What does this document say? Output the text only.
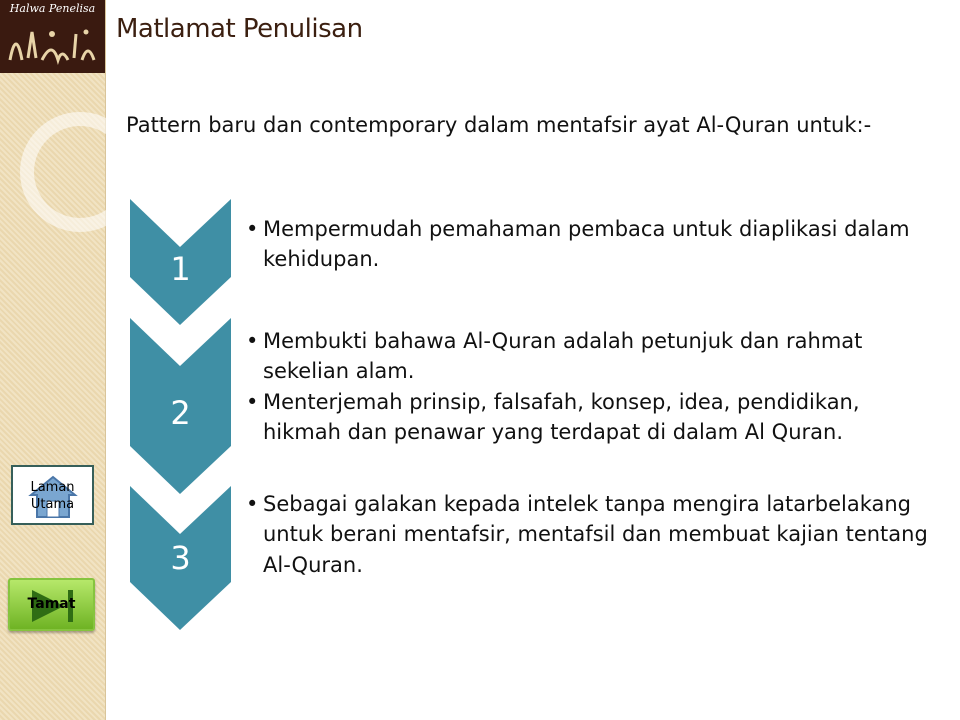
Halwa Penelisa
Matlamat Penulisan
Pattern baru dan contemporary dalam mentafsir ayat Al-Quran untuk:-
1
• Mempermudah pemahaman pembaca untuk diaplikasi dalam kehidupan.
2
• Membukti bahawa Al-Quran adalah petunjuk dan rahmat sekelian alam.
• Menterjemah prinsip, falsafah, konsep, idea, pendidikan, hikmah dan penawar yang terdapat di dalam Al Quran.
3
• Sebagai galakan kepada intelek tanpa mengira latarbelakang untuk berani mentafsir, mentafsil dan membuat kajian tentang Al-Quran.
Laman
Utama
Tamat
